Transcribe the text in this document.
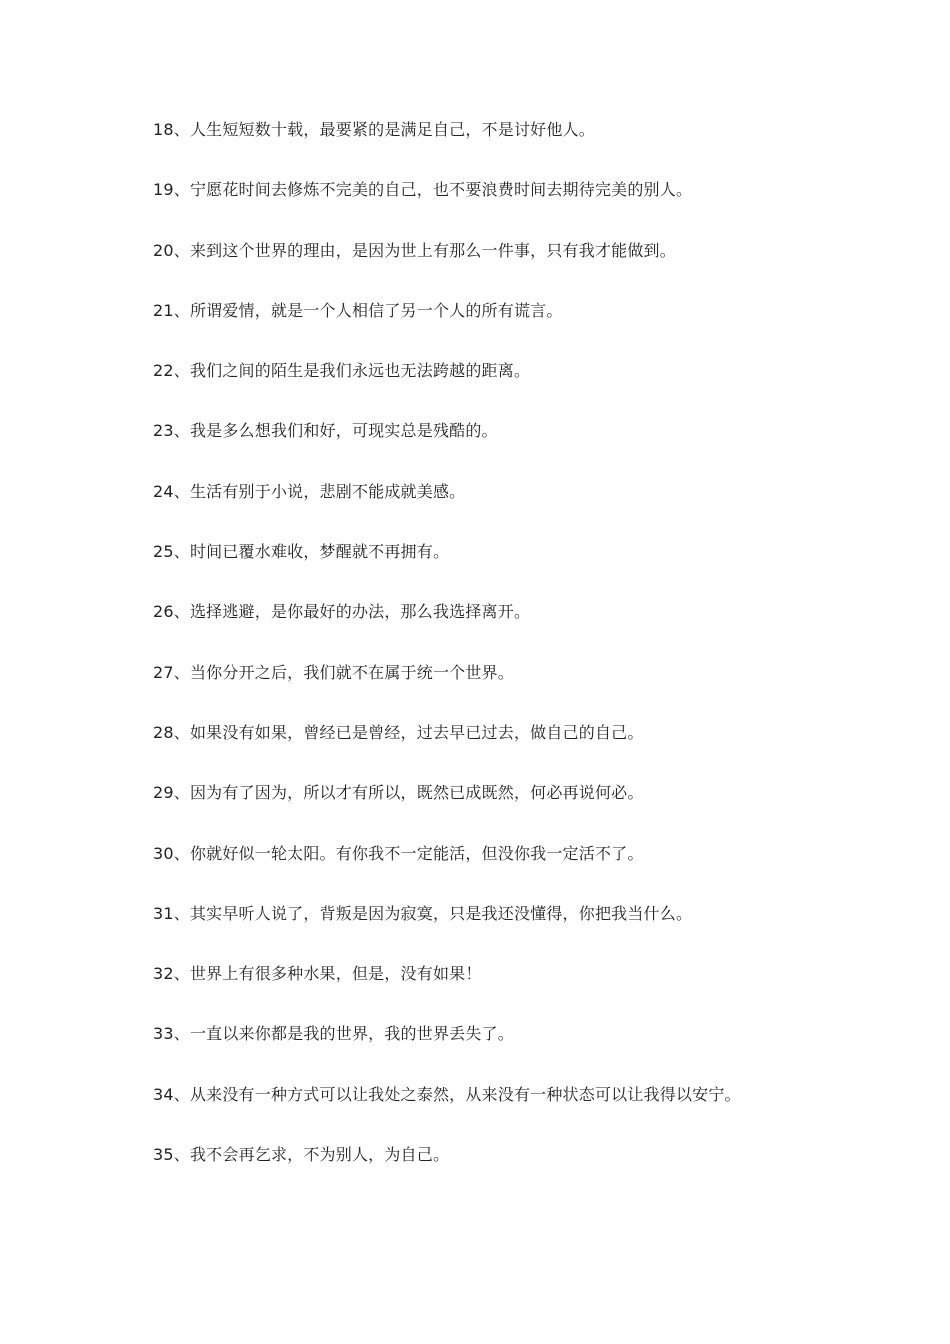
18、人生短短数十载，最要紧的是满足自己，不是讨好他人。
19、宁愿花时间去修炼不完美的自己，也不要浪费时间去期待完美的别人。
20、来到这个世界的理由，是因为世上有那么一件事，只有我才能做到。
21、所谓爱情，就是一个人相信了另一个人的所有谎言。
22、我们之间的陌生是我们永远也无法跨越的距离。
23、我是多么想我们和好，可现实总是残酷的。
24、生活有别于小说，悲剧不能成就美感。
25、时间已覆水难收，梦醒就不再拥有。
26、选择逃避，是你最好的办法，那么我选择离开。
27、当你分开之后，我们就不在属于统一个世界。
28、如果没有如果，曾经已是曾经，过去早已过去，做自己的自己。
29、因为有了因为，所以才有所以，既然已成既然，何必再说何必。
30、你就好似一轮太阳。有你我不一定能活，但没你我一定活不了。
31、其实早听人说了，背叛是因为寂寞，只是我还没懂得，你把我当什么。
32、世界上有很多种水果，但是，没有如果！
33、一直以来你都是我的世界，我的世界丢失了。
34、从来没有一种方式可以让我处之泰然，从来没有一种状态可以让我得以安宁。
35、我不会再乞求，不为别人，为自己。
